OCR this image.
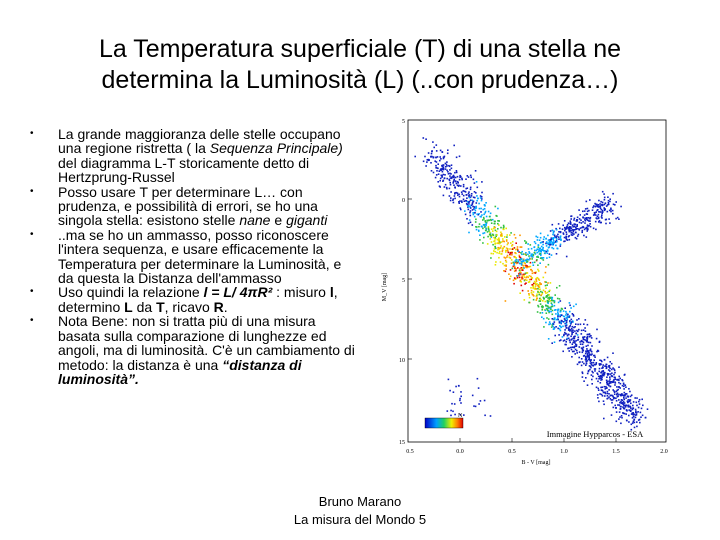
La Temperatura superficiale (T) di una stella ne
determina la Luminosità (L) (..con prudenza…)
• La grande maggioranza delle stelle occupano una regione ristretta ( la Sequenza Principale) del diagramma L-T storicamente detto di Hertzprung-Russel
• Posso usare T per determinare L… con prudenza, e possibilità di errori, se ho una singola stella: esistono stelle nane e giganti
• ..ma se ho un ammasso, posso riconoscere l'intera sequenza, e usare efficacemente la Temperatura per determinare la Luminosità, e da questa la Distanza dell'ammasso
• Uso quindi la relazione l = L/ 4πR² : misuro l, determino L da T, ricavo R.
• Nota Bene: non si tratta più di una misura basata sulla comparazione di lunghezze ed angoli, ma di luminosità. C'è un cambiamento di metodo: la distanza è una “distanza di luminosità”.
5
0
5
10
15
M_V [mag]
0.5	0.0	0.5	1.0	1.5	2.0
B - V [mag]
N
Immagine Hypparcos - ESA
Bruno Marano
La misura del Mondo 5
